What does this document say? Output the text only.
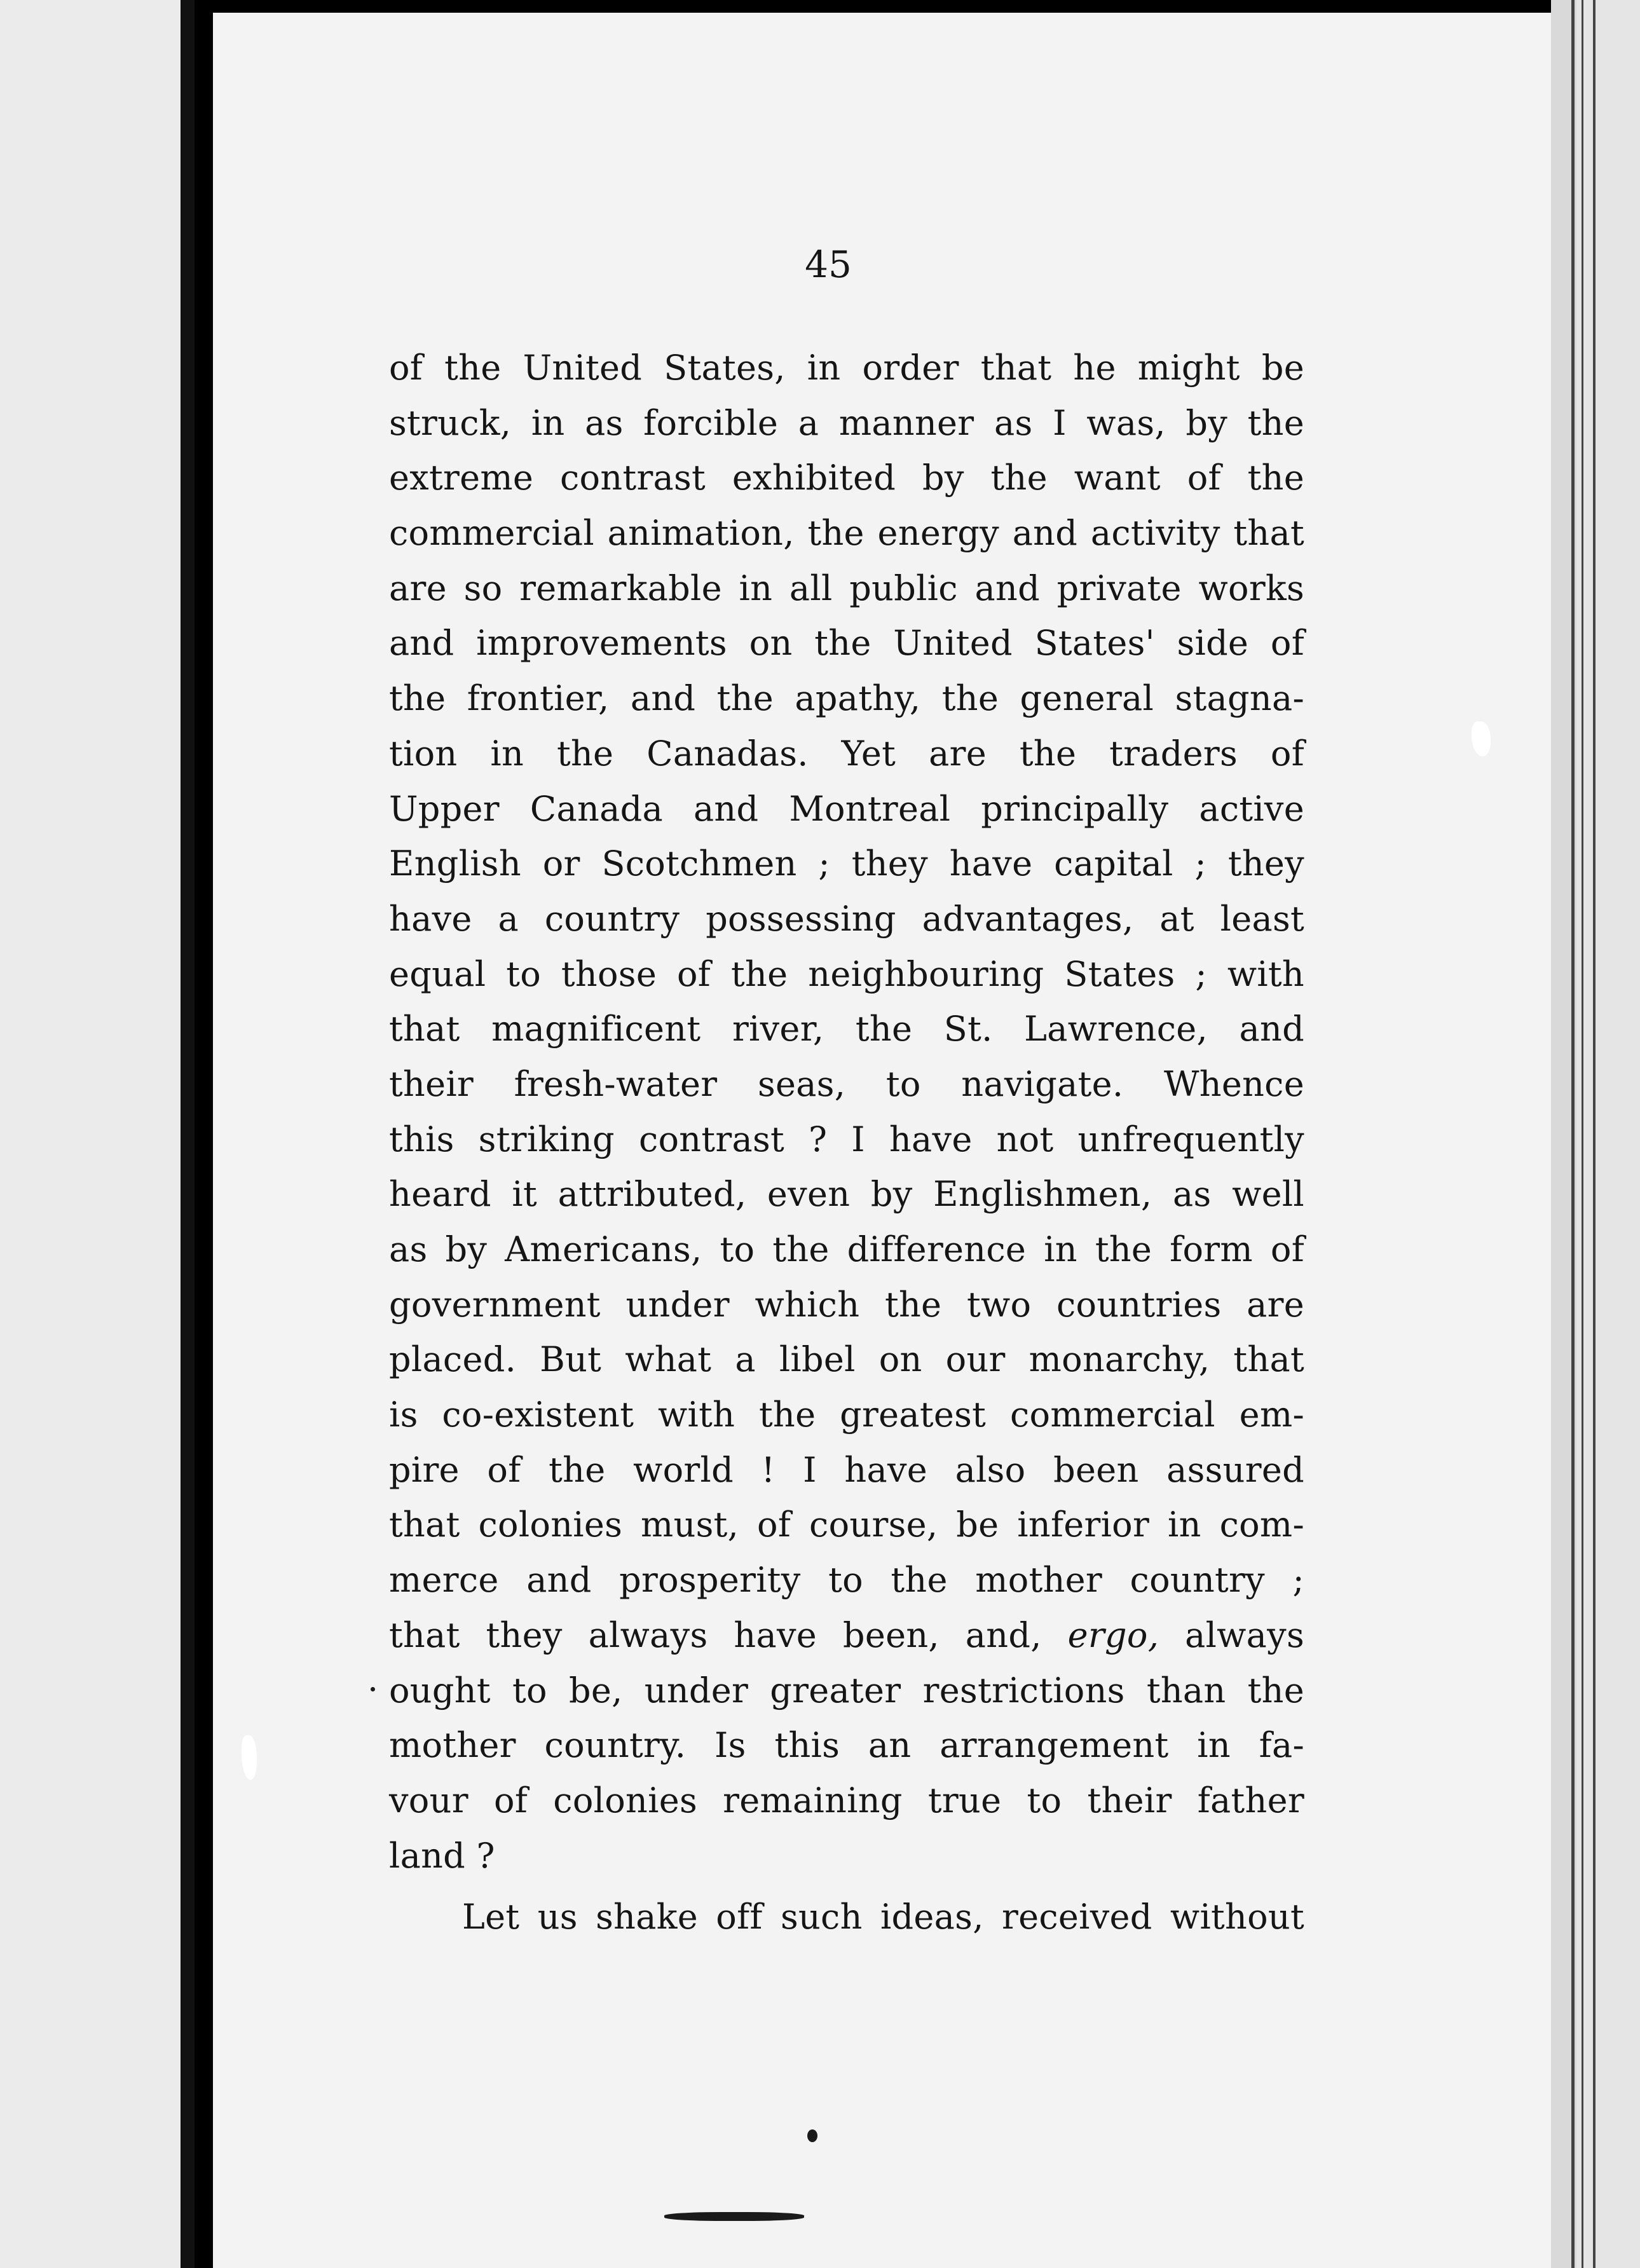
45

of the United States, in order that he might be
struck, in as forcible a manner as I was, by the
extreme contrast exhibited by the want of the
commercial animation, the energy and activity that
are so remarkable in all public and private works
and improvements on the United States' side of
the frontier, and the apathy, the general stagna-
tion in the Canadas. Yet are the traders of
Upper Canada and Montreal principally active
English or Scotchmen ; they have capital ; they
have a country possessing advantages, at least
equal to those of the neighbouring States ; with
that magnificent river, the St. Lawrence, and
their fresh-water seas, to navigate. Whence
this striking contrast ? I have not unfrequently
heard it attributed, even by Englishmen, as well
as by Americans, to the difference in the form of
government under which the two countries are
placed. But what a libel on our monarchy, that
is co-existent with the greatest commercial em-
pire of the world ! I have also been assured
that colonies must, of course, be inferior in com-
merce and prosperity to the mother country ;
that they always have been, and, ergo, always
ought to be, under greater restrictions than the
mother country. Is this an arrangement in fa-
vour of colonies remaining true to their father
land ?
Let us shake off such ideas, received without
